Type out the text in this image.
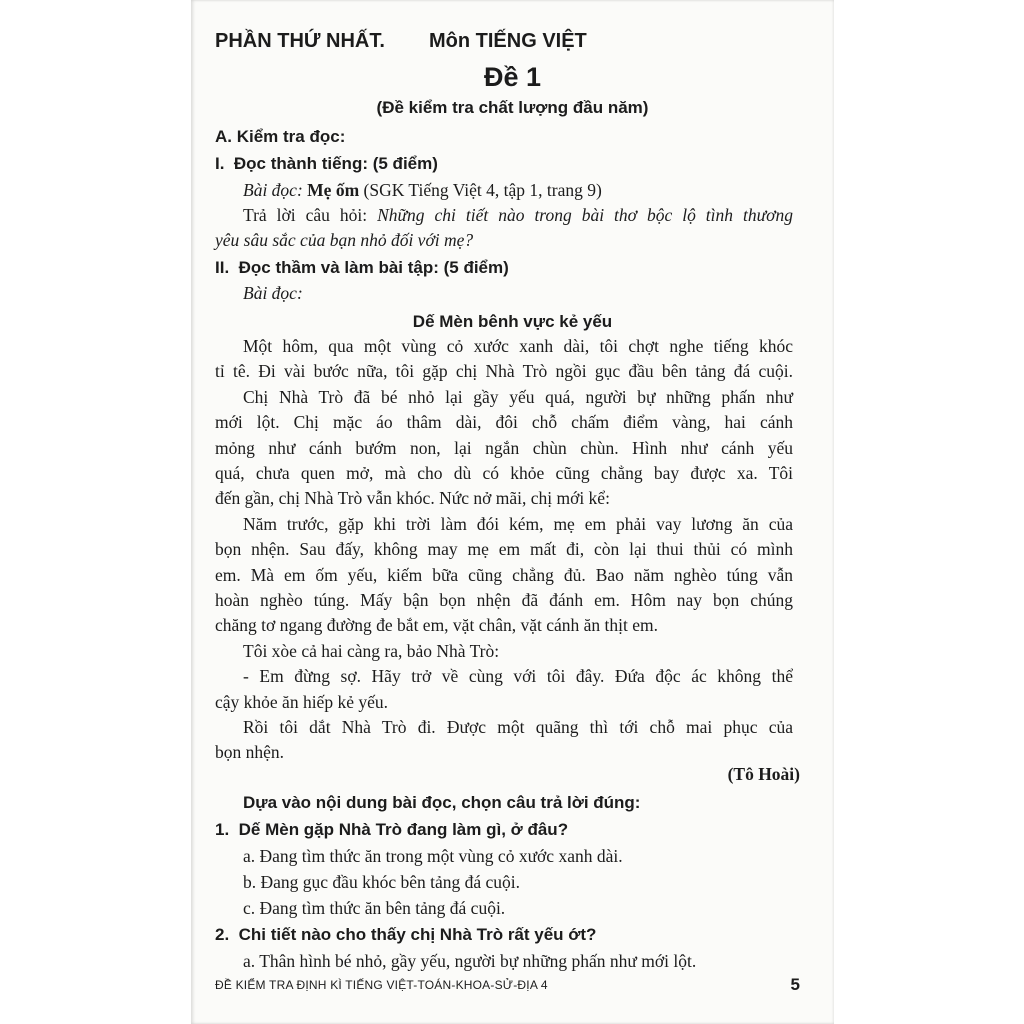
PHẦN THỨ NHẤT. Môn TIẾNG VIỆT
Đề 1
(Đề kiểm tra chất lượng đầu năm)
A. Kiểm tra đọc:
I.  Đọc thành tiếng: (5 điểm)
Bài đọc: Mẹ ốm (SGK Tiếng Việt 4, tập 1, trang 9)
Trả lời câu hỏi: Những chi tiết nào trong bài thơ bộc lộ tình thương
yêu sâu sắc của bạn nhỏ đối với mẹ?
II.  Đọc thầm và làm bài tập: (5 điểm)
Bài đọc:
Dế Mèn bênh vực kẻ yếu
Một hôm, qua một vùng cỏ xước xanh dài, tôi chợt nghe tiếng khóc
tỉ tê. Đi vài bước nữa, tôi gặp chị Nhà Trò ngồi gục đầu bên tảng đá cuội.
Chị Nhà Trò đã bé nhỏ lại gầy yếu quá, người bự những phấn như
mới lột. Chị mặc áo thâm dài, đôi chỗ chấm điểm vàng, hai cánh
mỏng như cánh bướm non, lại ngắn chùn chùn. Hình như cánh yếu
quá, chưa quen mở, mà cho dù có khỏe cũng chẳng bay được xa. Tôi
đến gần, chị Nhà Trò vẫn khóc. Nức nở mãi, chị mới kể:
Năm trước, gặp khi trời làm đói kém, mẹ em phải vay lương ăn của
bọn nhện. Sau đấy, không may mẹ em mất đi, còn lại thui thủi có mình
em. Mà em ốm yếu, kiếm bữa cũng chẳng đủ. Bao năm nghèo túng vẫn
hoàn nghèo túng. Mấy bận bọn nhện đã đánh em. Hôm nay bọn chúng
chăng tơ ngang đường đe bắt em, vặt chân, vặt cánh ăn thịt em.
Tôi xòe cả hai càng ra, bảo Nhà Trò:
- Em đừng sợ. Hãy trở về cùng với tôi đây. Đứa độc ác không thể
cậy khỏe ăn hiếp kẻ yếu.
Rồi tôi dắt Nhà Trò đi. Được một quãng thì tới chỗ mai phục của
bọn nhện.
(Tô Hoài)
Dựa vào nội dung bài đọc, chọn câu trả lời đúng:
1.  Dế Mèn gặp Nhà Trò đang làm gì, ở đâu?
a. Đang tìm thức ăn trong một vùng cỏ xước xanh dài.
b. Đang gục đầu khóc bên tảng đá cuội.
c. Đang tìm thức ăn bên tảng đá cuội.
2.  Chi tiết nào cho thấy chị Nhà Trò rất yếu ớt?
a. Thân hình bé nhỏ, gầy yếu, người bự những phấn như mới lột.
ĐỀ KIỂM TRA ĐỊNH KÌ TIẾNG VIỆT-TOÁN-KHOA-SỬ-ĐỊA 4	5
